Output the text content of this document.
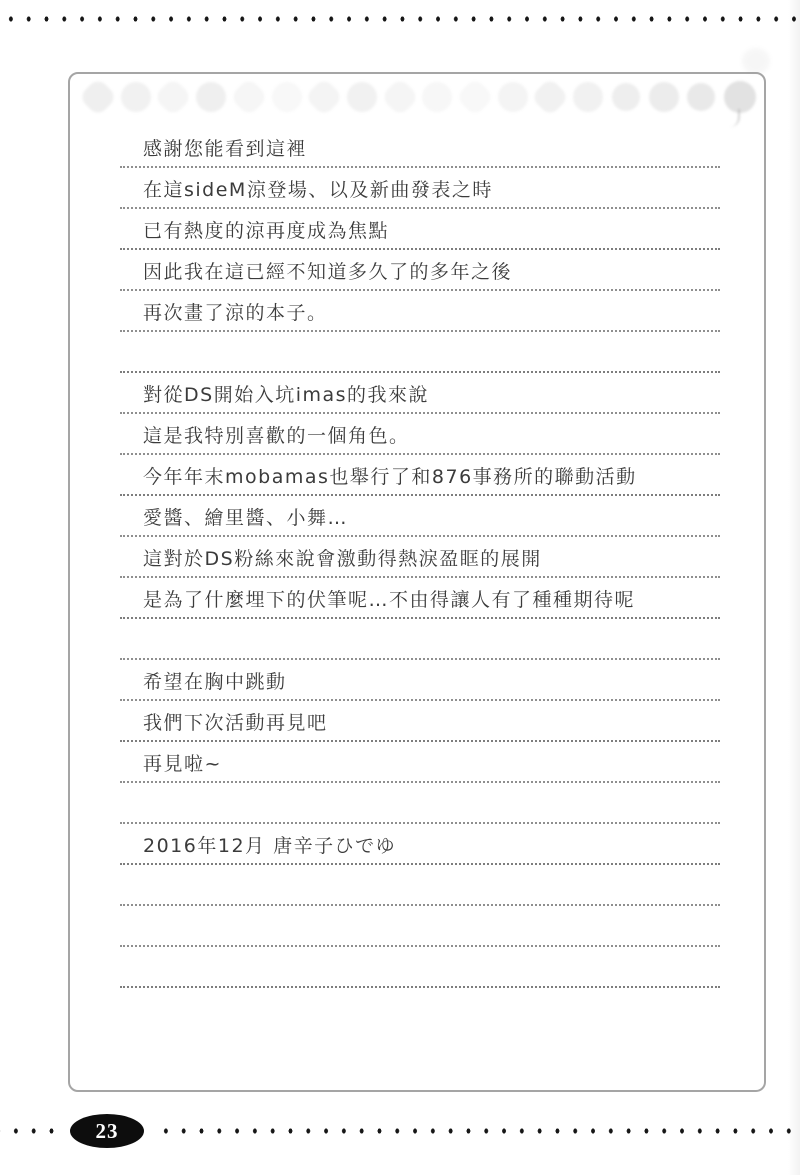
感謝您能看到這裡
在這sideM涼登場、以及新曲發表之時
已有熱度的涼再度成為焦點
因此我在這已經不知道多久了的多年之後
再次畫了涼的本子。
對從DS開始入坑imas的我來說
這是我特別喜歡的一個角色。
今年年末mobamas也舉行了和876事務所的聯動活動
愛醬、繪里醬、小舞…
這對於DS粉絲來說會激動得熱淚盈眶的展開
是為了什麼埋下的伏筆呢…不由得讓人有了種種期待呢
希望在胸中跳動
我們下次活動再見吧
再見啦~
2016年12月 唐辛子ひでゆ
23
